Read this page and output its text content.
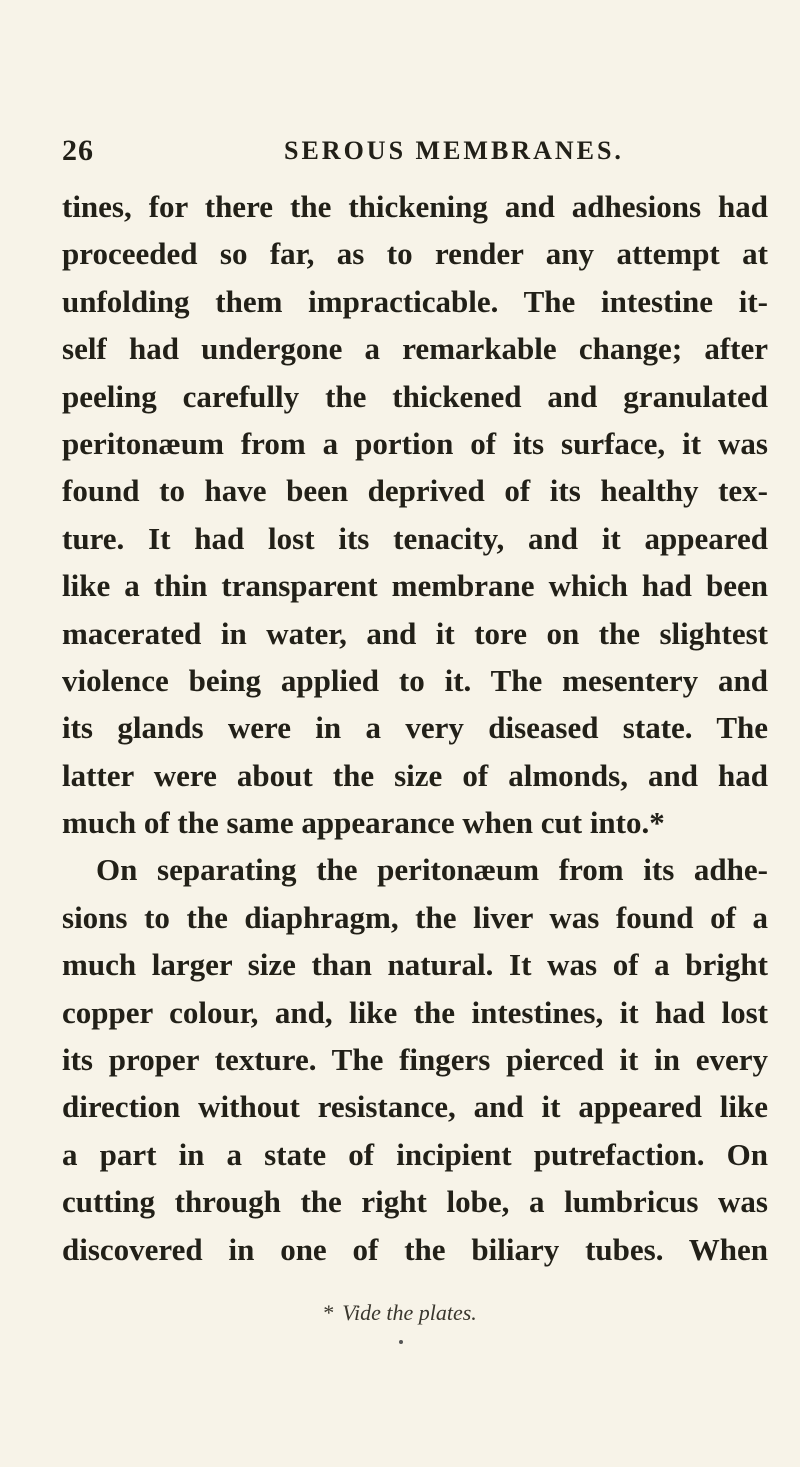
26	SEROUS MEMBRANES.
tines, for there the thickening and adhesions had
proceeded so far, as to render any attempt at
unfolding them impracticable. The intestine it-
self had undergone a remarkable change; after
peeling carefully the thickened and granulated
peritonæum from a portion of its surface, it was
found to have been deprived of its healthy tex-
ture. It had lost its tenacity, and it appeared
like a thin transparent membrane which had been
macerated in water, and it tore on the slightest
violence being applied to it. The mesentery and
its glands were in a very diseased state. The
latter were about the size of almonds, and had
much of the same appearance when cut into.*
On separating the peritonæum from its adhe-
sions to the diaphragm, the liver was found of a
much larger size than natural. It was of a bright
copper colour, and, like the intestines, it had lost
its proper texture. The fingers pierced it in every
direction without resistance, and it appeared like
a part in a state of incipient putrefaction. On
cutting through the right lobe, a lumbricus was
discovered in one of the biliary tubes. When
* Vide the plates.
